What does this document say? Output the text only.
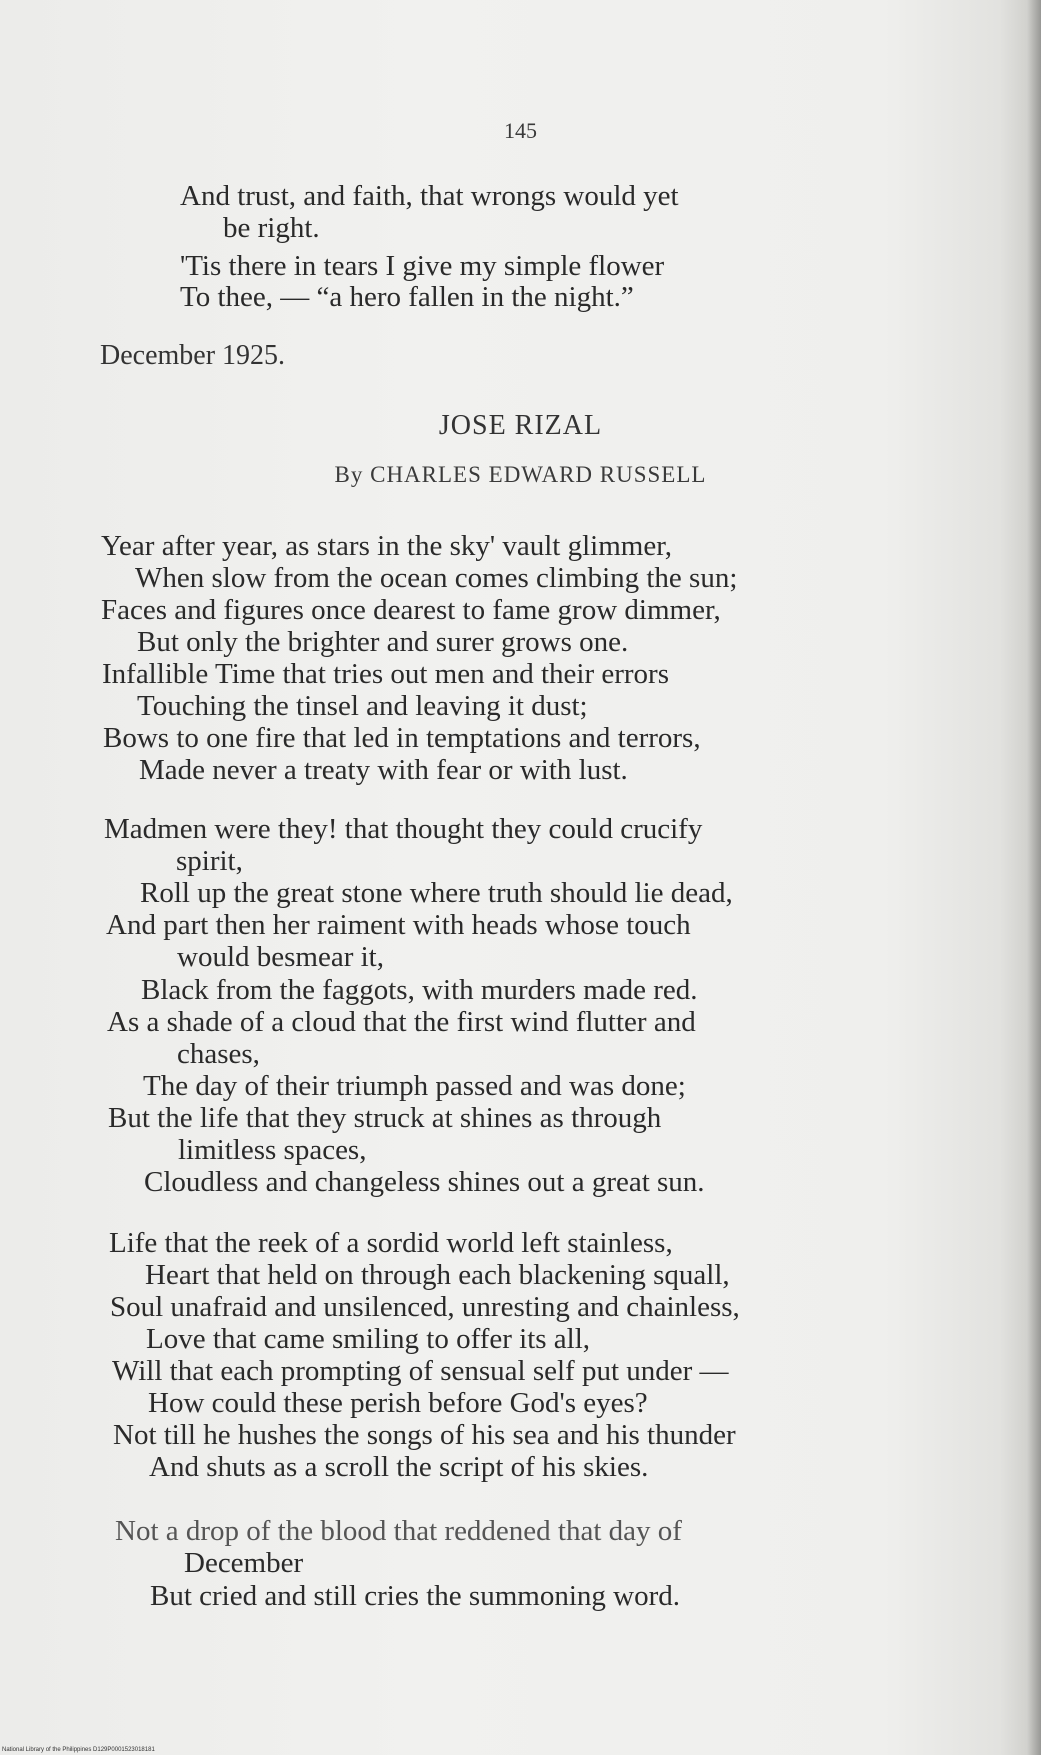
145
And trust, and faith, that wrongs would yet
be right.
'Tis there in tears I give my simple flower
To thee, — “a hero fallen in the night.”
December 1925.
JOSE RIZAL
By CHARLES EDWARD RUSSELL
Year after year, as stars in the sky' vault glimmer,
When slow from the ocean comes climbing the sun;
Faces and figures once dearest to fame grow dimmer,
But only the brighter and surer grows one.
Infallible Time that tries out men and their errors
Touching the tinsel and leaving it dust;
Bows to one fire that led in temptations and terrors,
Made never a treaty with fear or with lust.
Madmen were they! that thought they could crucify
spirit,
Roll up the great stone where truth should lie dead,
And part then her raiment with heads whose touch
would besmear it,
Black from the faggots, with murders made red.
As a shade of a cloud that the first wind flutter and
chases,
The day of their triumph passed and was done;
But the life that they struck at shines as through
limitless spaces,
Cloudless and changeless shines out a great sun.
Life that the reek of a sordid world left stainless,
Heart that held on through each blackening squall,
Soul unafraid and unsilenced, unresting and chainless,
Love that came smiling to offer its all,
Will that each prompting of sensual self put under —
How could these perish before God's eyes?
Not till he hushes the songs of his sea and his thunder
And shuts as a scroll the script of his skies.
Not a drop of the blood that reddened that day of
December
But cried and still cries the summoning word.
National Library of the Philippines D129P0001523018181
